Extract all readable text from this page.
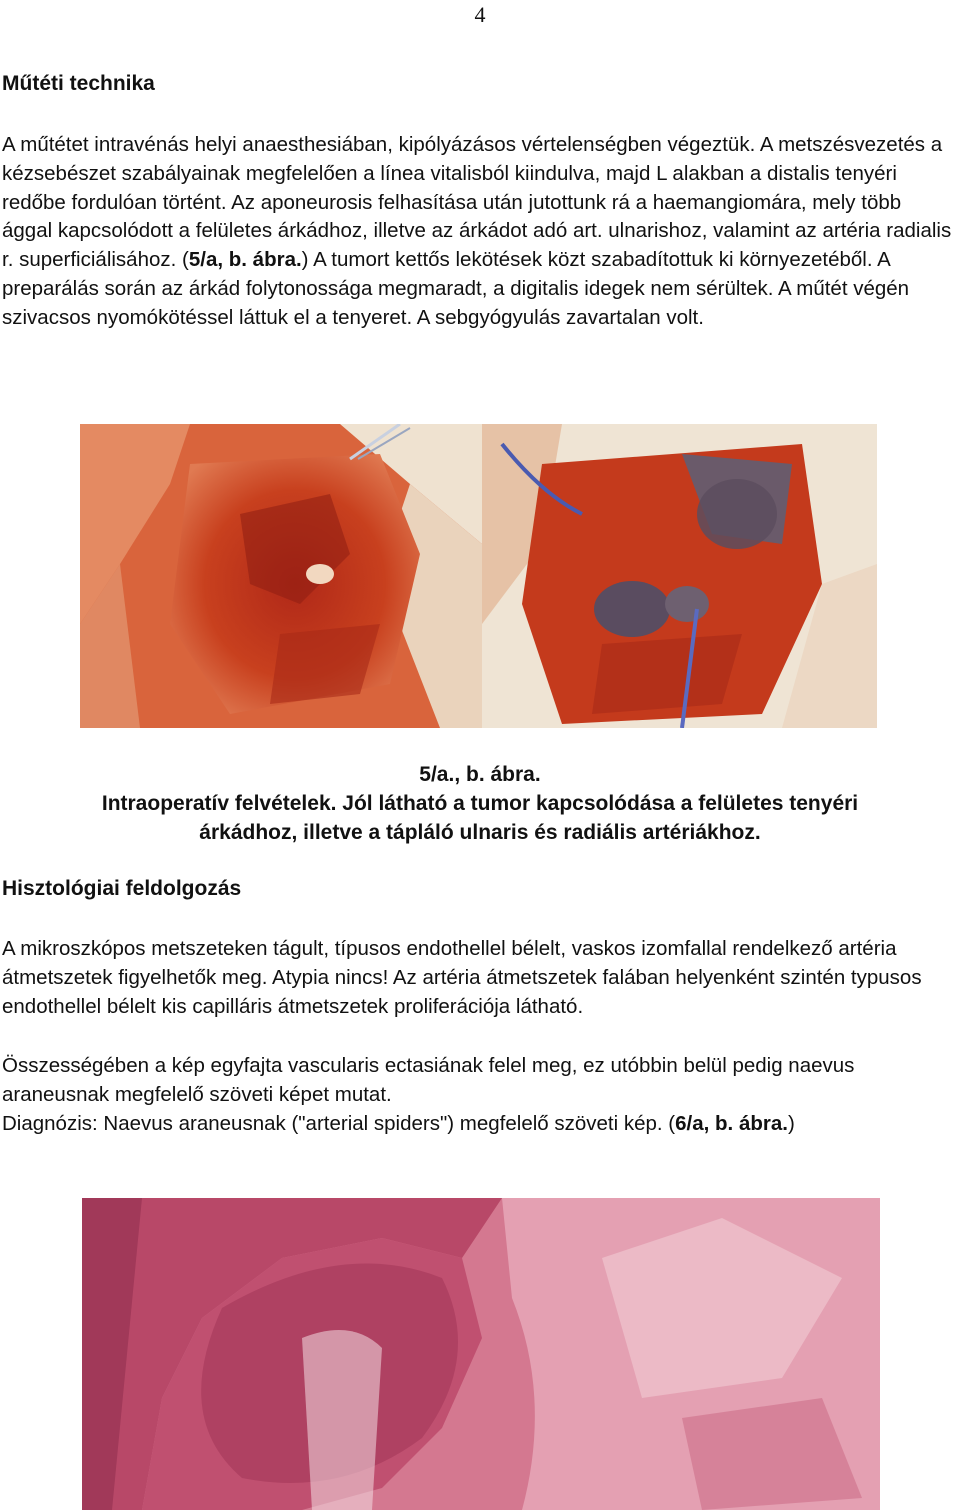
4
Műtéti technika

A műtétet intravénás helyi anaesthesiában, kipólyázásos vértelenségben végeztük. A metszésvezetés a kézsebészet szabályainak megfelelően a línea vitalisból kiindulva, majd L alakban a distalis tenyéri redőbe fordulóan történt. Az aponeurosis felhasítása után jutottunk rá a haemangiomára, mely több ággal kapcsolódott a felületes árkádhoz, illetve az árkádot adó art. ulnarishoz, valamint az artéria radialis r. superficiálisához. (5/a, b. ábra.) A tumort kettős lekötések közt szabadítottuk ki környezetéből. A preparálás során az árkád folytonossága megmaradt, a digitalis idegek nem sérültek. A műtét végén szivacsos nyomókötéssel láttuk el a tenyeret. A sebgyógyulás zavartalan volt.

5/a., b. ábra.
Intraoperatív felvételek. Jól látható a tumor kapcsolódása a felületes tenyéri
árkádhoz, illetve a tápláló ulnaris és radiális artériákhoz.
Hisztológiai feldolgozás

A mikroszkópos metszeteken tágult, típusos endothellel bélelt, vaskos izomfallal rendelkező artéria átmetszetek figyelhetők meg. Atypia nincs! Az artéria átmetszetek falában helyenként szintén typusos endothellel bélelt kis capilláris átmetszetek proliferációja látható.

Összességében a kép egyfajta vascularis ectasiának felel meg, ez utóbbin belül pedig naevus araneusnak megfelelő szöveti képet mutat.

Diagnózis: Naevus araneusnak ("arterial spiders") megfelelő szöveti kép. (6/a, b. ábra.)
